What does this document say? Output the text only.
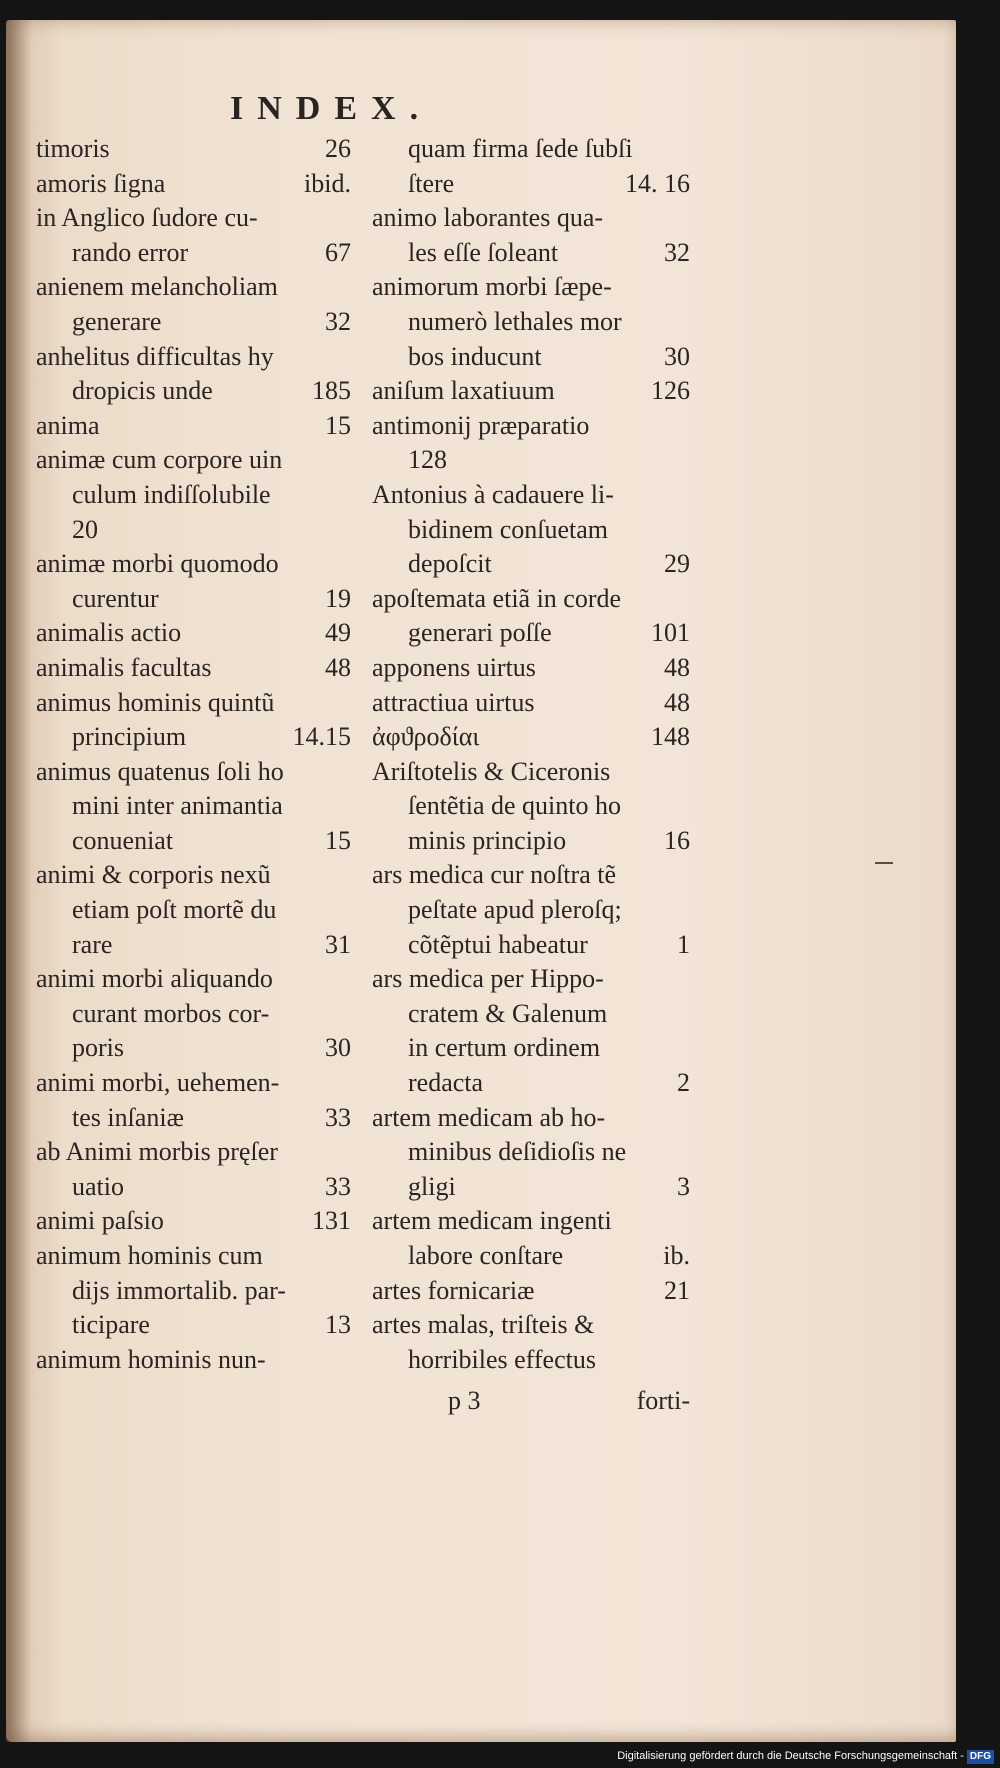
INDEX.
timoris	26
amoris ſigna	ibid.
in Anglico ſudore cu-
rando error	67
anienem melancholiam
generare	32
anhelitus difficultas hy
dropicis unde	185
anima	15
animæ cum corpore uin
culum indiſſolubile
20
animæ morbi quomodo
curentur	19
animalis actio	49
animalis facultas	48
animus hominis quintũ
principium	14.15
animus quatenus ſoli ho
mini inter animantia
conueniat	15
animi & corporis nexũ
etiam poſt mortẽ du
rare	31
animi morbi aliquando
curant morbos cor-
poris	30
animi morbi, uehemen-
tes inſaniæ	33
ab Animi morbis pręſer
uatio	33
animi paſsio	131
animum hominis cum
dijs immortalib. par-
ticipare	13
animum hominis nun-
quam firma ſede ſubſi
ſtere	14. 16
animo laborantes qua-
les eſſe ſoleant	32
animorum morbi ſæpe-
numerò lethales mor
bos inducunt	30
aniſum laxatiuum	126
antimonij præparatio
128
Antonius à cadauere li-
bidinem conſuetam
depoſcit	29
apoſtemata etiã in corde
generari poſſe	101
apponens uirtus	48
attractiua uirtus	48
ἀφϑροδίαι	148
Ariſtotelis & Ciceronis
ſentẽtia de quinto ho
minis principio	16
ars medica cur noſtra tẽ
peſtate apud pleroſq;
cõtẽptui habeatur	1
ars medica per Hippo-
cratem & Galenum
in certum ordinem
redacta	2
artem medicam ab ho-
minibus deſidioſis ne
gligi	3
artem medicam ingenti
labore conſtare	ib.
artes fornicariæ	21
artes malas, triſteis &
horribiles effectus
p 3	forti-
Digitalisierung gefördert durch die Deutsche Forschungsgemeinschaft - DFG
